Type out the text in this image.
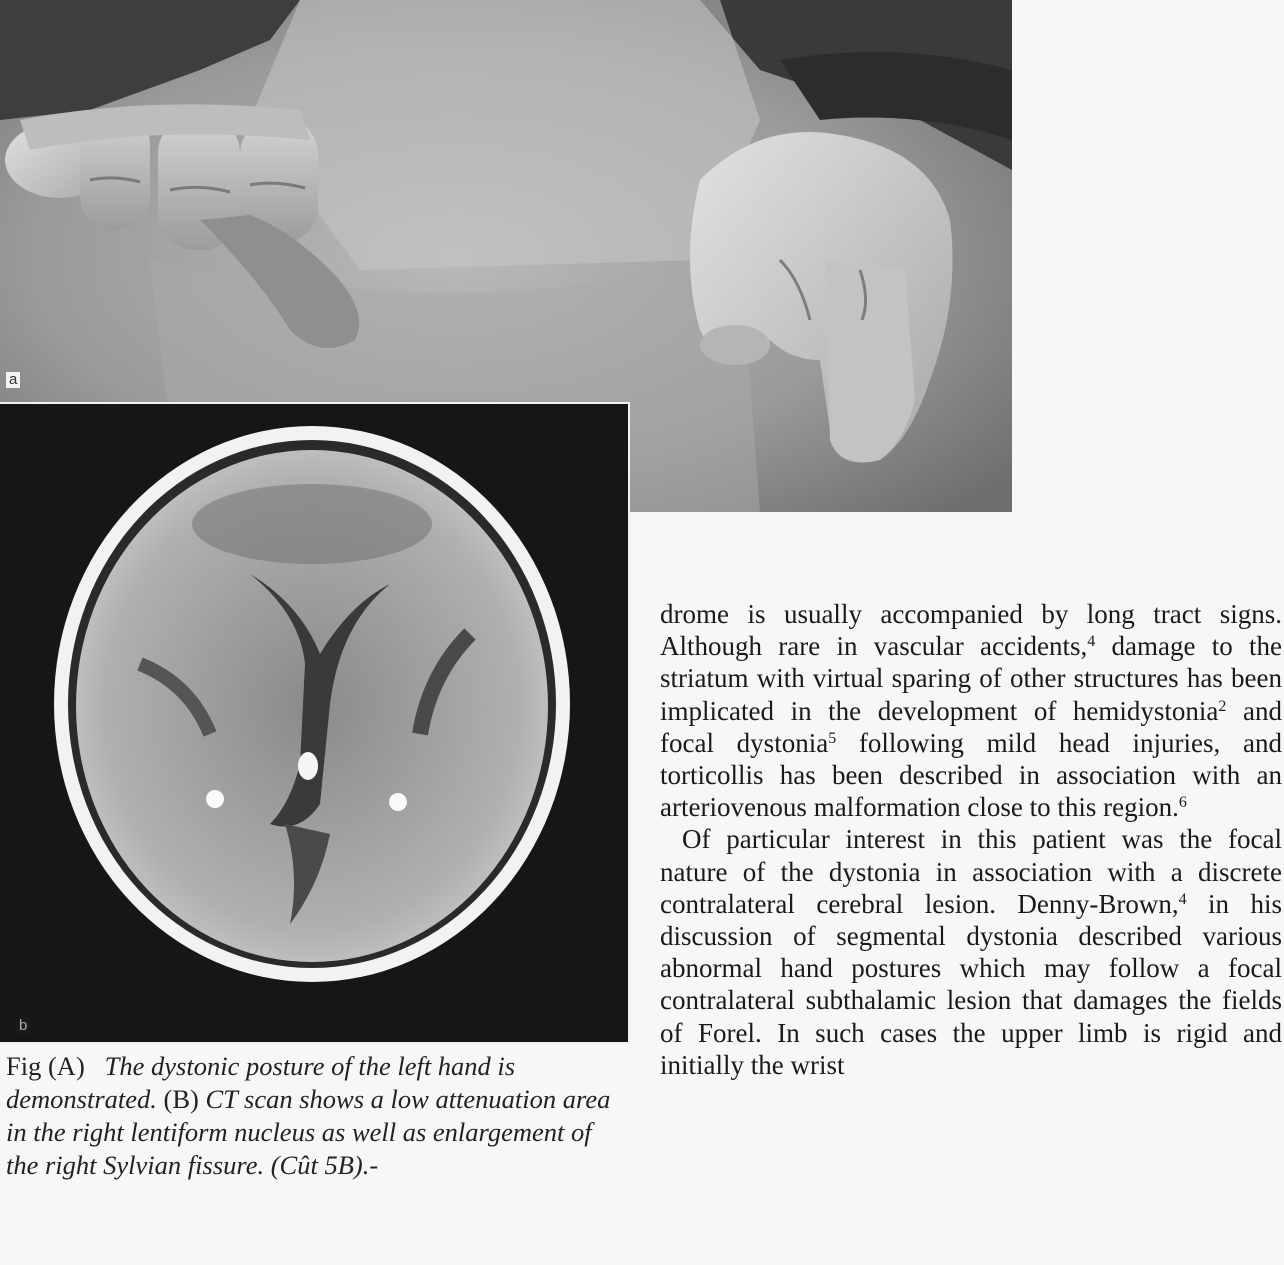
a
b
Fig (A) The dystonic posture of the left hand is demonstrated. (B) CT scan shows a low attenuation area in the right lentiform nucleus as well as enlargement of the right Sylvian fissure. (Cût 5B).-

drome is usually accompanied by long tract signs. Although rare in vascular accidents,$^4$ damage to the striatum with virtual sparing of other structures has been implicated in the development of hemidystonia$^2$ and focal dystonia$^5$ following mild head injuries, and torticollis has been described in association with an arteriovenous malformation close to this region.$^6$

Of particular interest in this patient was the focal nature of the dystonia in association with a discrete contralateral cerebral lesion. Denny-Brown,$^4$ in his discussion of segmental dystonia described various abnormal hand postures which may follow a focal contralateral subthalamic lesion that damages the fields of Forel. In such cases the upper limb is rigid and initially the wrist
